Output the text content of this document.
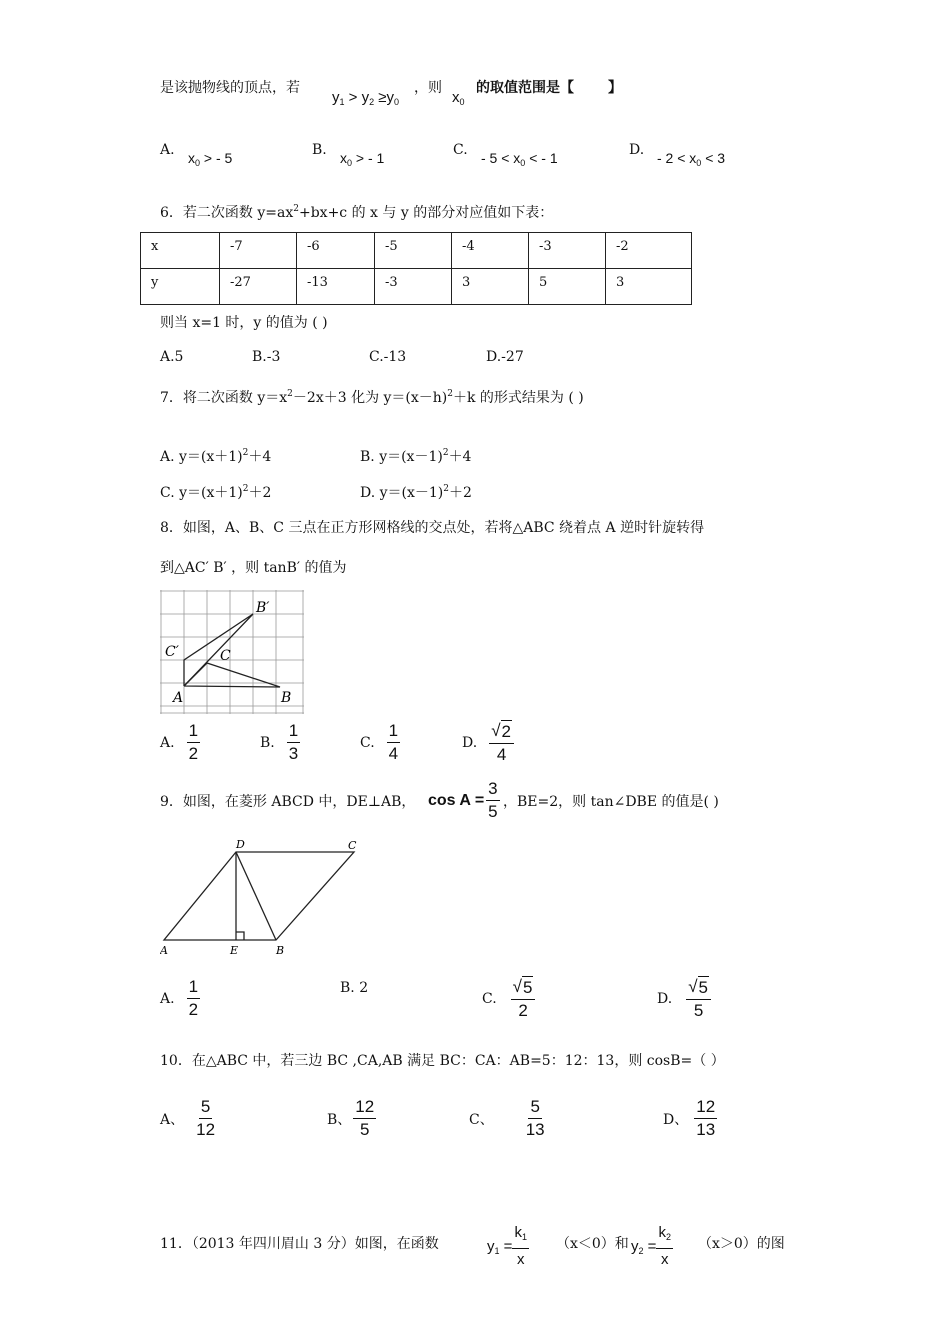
是该抛物线的顶点，若
$y_1 > y_2 \ge y_0$
，则
$x_0$
的取值范围是【 】
A. $x_0$ > - 5	B. $x_0$ > - 1	C. - $5 < x_0$ < - 1	D. - $2 < x_0 < 3$
6．若二次函数 $y=ax^2+bx+c$ 的 x 与 y 的部分对应值如下表：
x	-7	-6	-5	-4	-3	-2
y	-27	-13	-3	3	5	3
则当 x=1 时，y 的值为 ( )
A.5	B.-3	C.-13	D.-27
7．将二次函数 $y=x^2-2x+3$ 化为 $y=(x-h)^2+k$ 的形式结果为 ( )
A. $y=(x+1)^2+4$	B. $y=(x-1)^2+4$
C. $y=(x+1)^2+2$	D. $y=(x-1)^2+2$
8．如图，A、B、C 三点在正方形网格线的交点处，若将△ABC 绕着点 A 逆时针旋转得
到△AC′ B′ ，则 tanB′ 的值为
A	B
C
C′
B′
A. $\frac{1}{2}$	B. $\frac{1}{3}$	C. $\frac{1}{4}$	D. $\frac{√ 2}{4}$
9．如图，在菱形 ABCD 中，DE⊥AB， $\cos A = \frac{3}{5}$ ，BE=2，则 tan∠DBE 的值是( )
A	B
C
D
E
A. $\frac{1}{2}$	B. 2
C. $\frac{√ 5}{2}$	D. $\frac{√ 5}{5}$
10．在△ABC 中，若三边 BC ,CA,AB 满足 BC：CA：AB=5：12：13，则 cosB=（ ）
A、 $\frac{5}{12}$	B、 $\frac{12}{5}$	C、 $\frac{5}{13}$	D、 $\frac{12}{13}$
11．（2013 年四川眉山 3 分）如图，在函数	$y_1 = \frac{k_1}{x} (x<0)$和 $y_2 = \frac{k_2}{x} (x>0)$的图
